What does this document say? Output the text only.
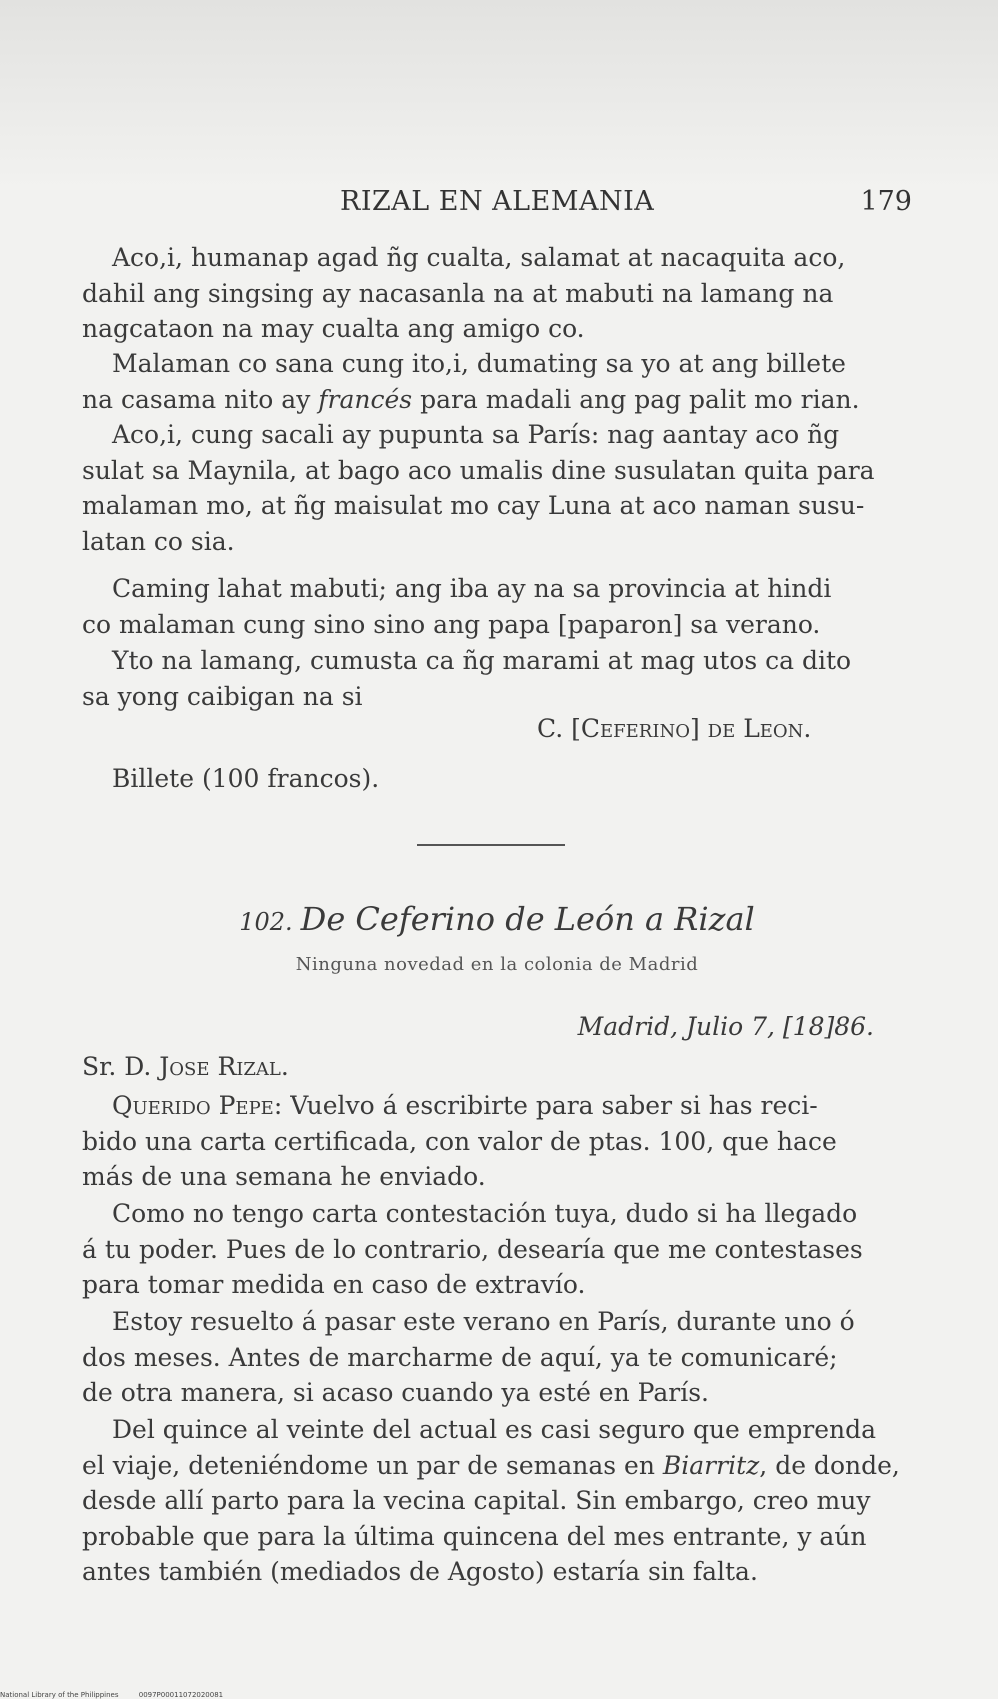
RIZAL EN ALEMANIA	179

Aco,i, humanap agad ñg cualta, salamat at nacaquita aco,
dahil ang singsing ay nacasanla na at mabuti na lamang na
nagcataon na may cualta ang amigo co.

Malaman co sana cung ito,i, dumating sa yo at ang billete
na casama nito ay francés para madali ang pag palit mo rian.

Aco,i, cung sacali ay pupunta sa París: nag aantay aco ñg
sulat sa Maynila, at bago aco umalis dine susulatan quita para
malaman mo, at ñg maisulat mo cay Luna at aco naman susu-
latan co sia.

Caming lahat mabuti; ang iba ay na sa provincia at hindi
co malaman cung sino sino ang papa [paparon] sa verano.

Yto na lamang, cumusta ca ñg marami at mag utos ca dito
sa yong caibigan na si

C. [Ceferino] de Leon.
Billete (100 francos).
102. De Ceferino de León a Rizal
Ninguna novedad en la colonia de Madrid
Madrid, Julio 7, [18]86.
Sr. D. Jose Rizal.

Querido Pepe: Vuelvo á escribirte para saber si has reci-
bido una carta certificada, con valor de ptas. 100, que hace
más de una semana he enviado.

Como no tengo carta contestación tuya, dudo si ha llegado
á tu poder. Pues de lo contrario, desearía que me contestases
para tomar medida en caso de extravío.

Estoy resuelto á pasar este verano en París, durante uno ó
dos meses. Antes de marcharme de aquí, ya te comunicaré;
de otra manera, si acaso cuando ya esté en París.

Del quince al veinte del actual es casi seguro que emprenda
el viaje, deteniéndome un par de semanas en Biarritz, de donde,
desde allí parto para la vecina capital. Sin embargo, creo muy
probable que para la última quincena del mes entrante, y aún
antes también (mediados de Agosto) estaría sin falta.

National Library of the Philippines	0097P00011072020081
